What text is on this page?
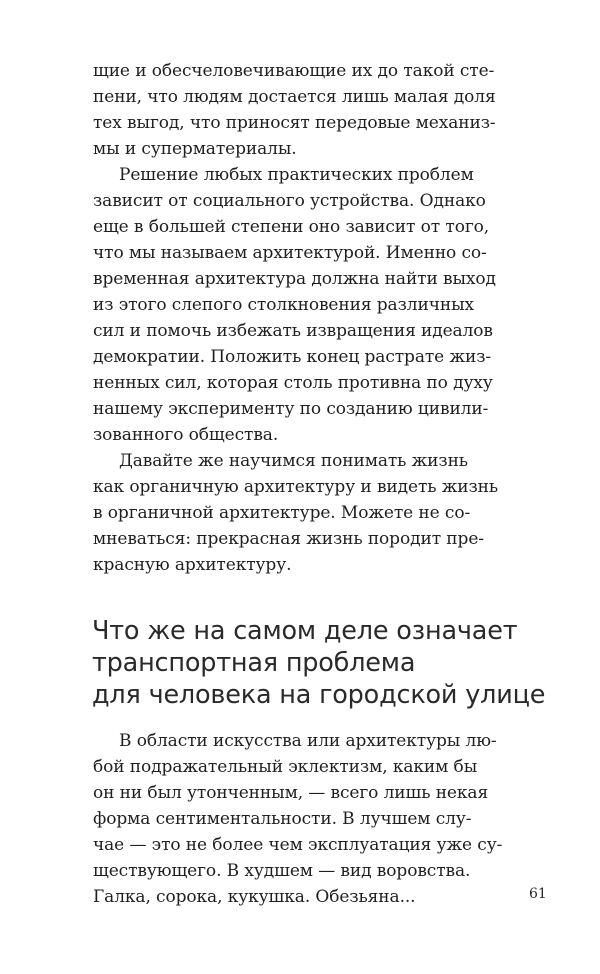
щие и обесчеловечивающие их до такой сте-
пени, что людям достается лишь малая доля
тех выгод, что приносят передовые механиз-
мы и суперматериалы.
Решение любых практических проблем
зависит от социального устройства. Однако
еще в большей степени оно зависит от того,
что мы называем архитектурой. Именно со-
временная архитектура должна найти выход
из этого слепого столкновения различных
сил и помочь избежать извращения идеалов
демократии. Положить конец растрате жиз-
ненных сил, которая столь противна по духу
нашему эксперименту по созданию цивили-
зованного общества.
Давайте же научимся понимать жизнь
как органичную архитектуру и видеть жизнь
в органичной архитектуре. Можете не со-
мневаться: прекрасная жизнь породит пре-
красную архитектуру.
Что же на самом деле означает
транспортная проблема
для человека на городской улице
В области искусства или архитектуры лю-
бой подражательный эклектизм, каким бы
он ни был утонченным, — всего лишь некая
форма сентиментальности. В лучшем слу-
чае — это не более чем эксплуатация уже су-
ществующего. В худшем — вид воровства.
Галка, сорока, кукушка. Обезьяна...	61
